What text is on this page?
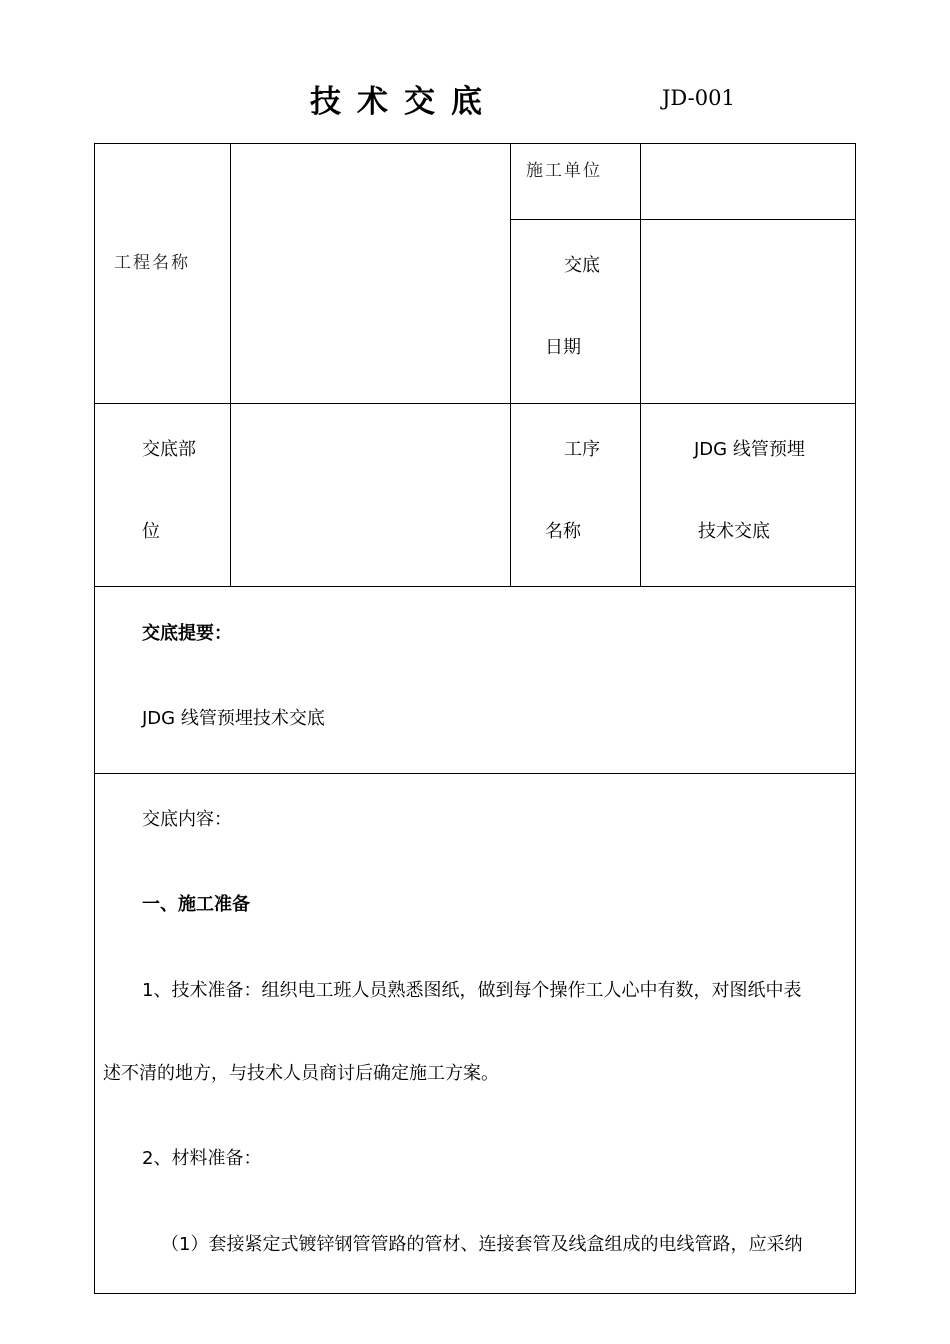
技术交底	JD-001
工程名称
施工单位
交底
日期
交底部
位
工序
名称
JDG 线管预埋
技术交底
交底提要：
JDG 线管预埋技术交底
交底内容：
一、施工准备
1、技术准备：组织电工班人员熟悉图纸，做到每个操作工人心中有数，对图纸中表
述不清的地方，与技术人员商讨后确定施工方案。
2、材料准备：
（1）套接紧定式镀锌钢管管路的管材、连接套管及线盒组成的电线管路，应采纳
